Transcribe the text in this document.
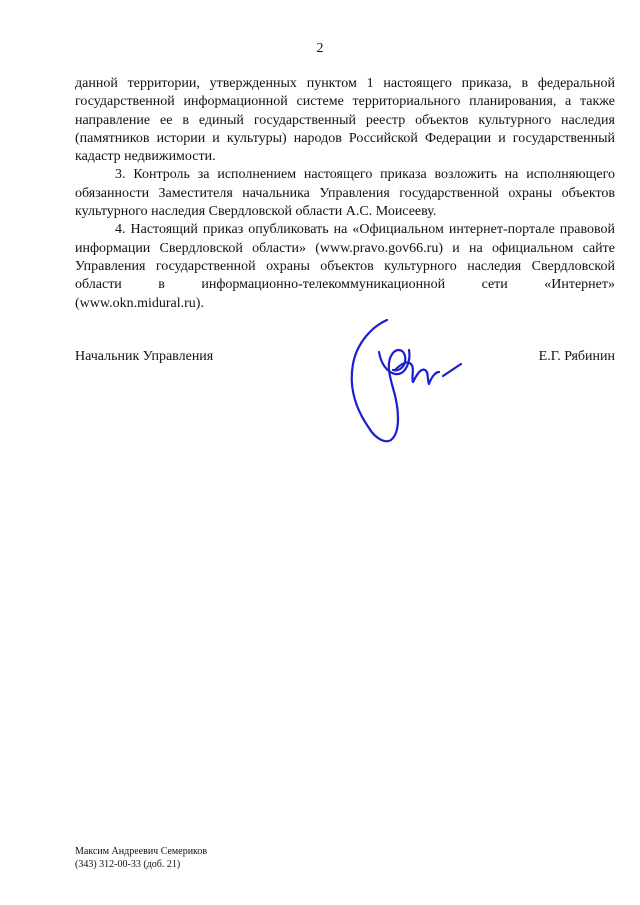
2

данной территории, утвержденных пунктом 1 настоящего приказа, в федеральной государственной информационной системе территориального планирования, а также направление ее в единый государственный реестр объектов культурного наследия (памятников истории и культуры) народов Российской Федерации и государственный кадастр недвижимости.

3. Контроль за исполнением настоящего приказа возложить на исполняющего обязанности Заместителя начальника Управления государственной охраны объектов культурного наследия Свердловской области А.С. Моисееву.

4. Настоящий приказ опубликовать на «Официальном интернет-портале правовой информации Свердловской области» (www.pravo.gov66.ru) и на официальном сайте Управления государственной охраны объектов культурного наследия Свердловской области в информационно-телекоммуникационной сети «Интернет» (www.okn.midural.ru).

Начальник Управления	Е.Г. Рябинин
Максим Андреевич Семериков
(343) 312-00-33 (доб. 21)
